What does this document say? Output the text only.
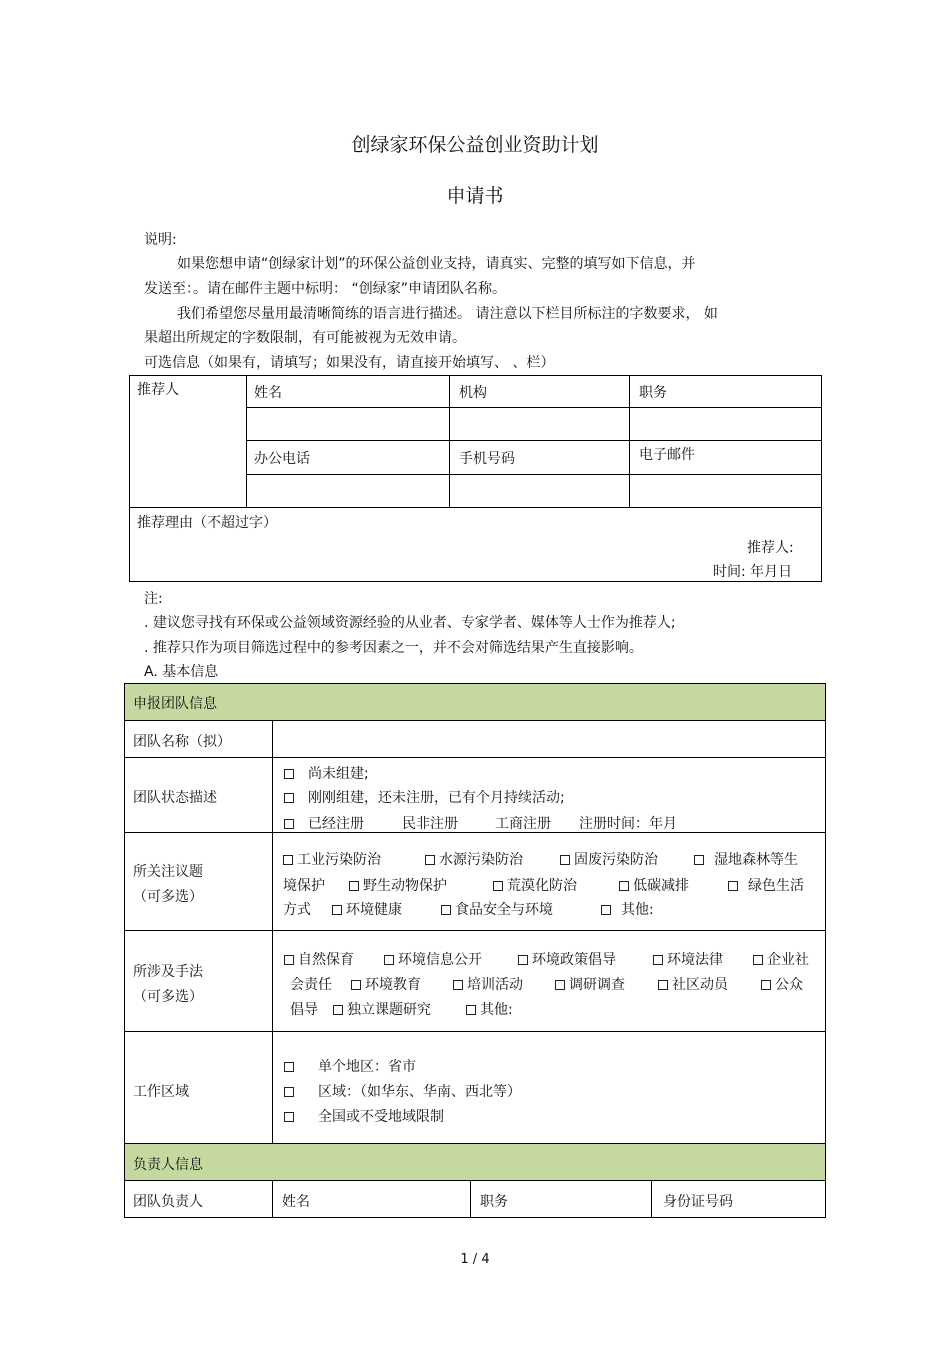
创绿家环保公益创业资助计划
申请书
说明:
如果您想申请“创绿家计划”的环保公益创业支持，请真实、完整的填写如下信息，并
发送至：。请在邮件主题中标明： “创绿家”申请团队名称。
我们希望您尽量用最清晰简练的语言进行描述。 请注意以下栏目所标注的字数要求， 如
果超出所规定的字数限制，有可能被视为无效申请。
可选信息（如果有，请填写；如果没有，请直接开始填写、 、栏）
推荐人	姓名	机构	职务
办公电话	手机号码	电子邮件
推荐理由（不超过字）
推荐人:
时间: 年月日
注:
. 建议您寻找有环保或公益领域资源经验的从业者、专家学者、媒体等人士作为推荐人;
. 推荐只作为项目筛选过程中的参考因素之一，并不会对筛选结果产生直接影响。
A. 基本信息
申报团队信息
团队名称（拟）
团队状态描述
尚未组建;
刚刚组建，还未注册，已有个月持续活动;
已经注册	民非注册	工商注册 注册时间：年月
所关注议题
（可多选）
工业污染防治	水源污染防治	固废污染防治	湿地森林等生
境保护	野生动物保护	荒漠化防治	低碳减排	绿色生活
方式	环境健康	食品安全与环境	其他:
所涉及手法
（可多选）
自然保育	环境信息公开	环境政策倡导	环境法律	企业社
会责任	环境教育	培训活动	调研调查	社区动员	公众
倡导	独立课题研究	其他:
工作区域
单个地区：省市
区域：（如华东、华南、西北等）
全国或不受地域限制
负责人信息
团队负责人	姓名	职务	身份证号码
1 / 4
